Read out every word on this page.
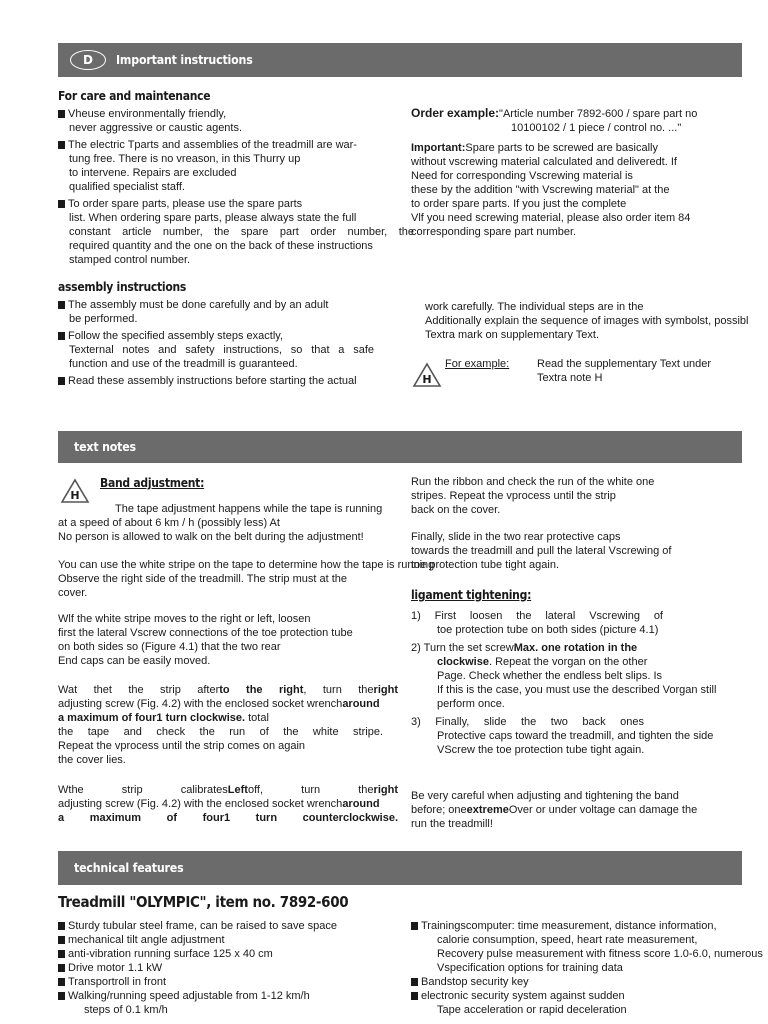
D	Important instructions
For care and maintenance
Vheuse environmentally friendly,
never aggressive or caustic agents.
The electric Tparts and assemblies of the treadmill are war-
tung free. There is no vreason, in this Thurry up
to intervene. Repairs are excluded
qualified specialist staff.
To order spare parts, please use the spare parts
list. When ordering spare parts, please always state the full
constant article number, the spare part order number, the
required quantity and the one on the back of these instructions
stamped control number.
Order example:"Article number 7892-600 / spare part no
10100102 / 1 piece / control no. ..."
Important:Spare parts to be screwed are basically
without vscrewing material calculated and deliveredt. If
Need for corresponding Vscrewing material is
these by the addition "with Vscrewing material" at the
to order spare parts. If you just the complete
Vlf you need screwing material, please also order item 84
corresponding spare part number.
assembly instructions
The assembly must be done carefully and by an adult
be performed.
Follow the specified assembly steps exactly,
Texternal notes and safety instructions, so that a safe
function and use of the treadmill is guaranteed.
Read these assembly instructions before starting the actual
work carefully. The individual steps are in the
Additionally explain the sequence of images with symbolst, possibl
Textra mark on supplementary Text.
H
For example:	Read the supplementary Text under
Textra note H
text notes
H
Band adjustment:
The tape adjustment happens while the tape is running
at a speed of about 6 km / h (possibly less) At
No person is allowed to walk on the belt during the adjustment!
You can use the white stripe on the tape to determine how the tape is running
Observe the right side of the treadmill. The strip must at the
cover.
Wlf the white stripe moves to the right or left, loosen
first the lateral Vscrew connections of the toe protection tube
on both sides so (Figure 4.1) that the two rear
End caps can be easily moved.
Wat thet the strip afterto the right, turn theright
adjusting screw (Fig. 4.2) with the enclosed socket wrencharound
a maximum of four1 turn clockwise. total
the tape and check the run of the white stripe.
Repeat the vprocess until the strip comes on again
the cover lies.
Wthe strip calibratesLeftoff, turn theright
adjusting screw (Fig. 4.2) with the enclosed socket wrencharound
a maximum of four1 turn counterclockwise.
Run the ribbon and check the run of the white one
stripes. Repeat the vprocess until the strip
back on the cover.
Finally, slide in the two rear protective caps
towards the treadmill and pull the lateral Vscrewing of
toe protection tube tight again.
ligament tightening:
1) First loosen the lateral Vscrewing of
toe protection tube on both sides (picture 4.1)
2) Turn the set screwMax. one rotation in the
clockwise. Repeat the vorgan on the other
Page. Check whether the endless belt slips. Is
If this is the case, you must use the described Vorgan still
perform once.
3) Finally, slide the two back ones
Protective caps toward the treadmill, and tighten the side
VScrew the toe protection tube tight again.
Be very careful when adjusting and tightening the band
before; oneextremeOver or under voltage can damage the
run the treadmill!
technical features
Treadmill "OLYMPIC", item no. 7892-600
Sturdy tubular steel frame, can be raised to save space
mechanical tilt angle adjustment
anti-vibration running surface 125 x 40 cm
Drive motor 1.1 kW
Transportroll in front
Walking/running speed adjustable from 1-12 km/h
steps of 0.1 km/h
Trainingscomputer: time measurement, distance information,
calorie consumption, speed, heart rate measurement,
Recovery pulse measurement with fitness score 1.0-6.0, numerous
Vspecification options for training data
Bandstop security key
electronic security system against sudden
Tape acceleration or rapid deceleration
